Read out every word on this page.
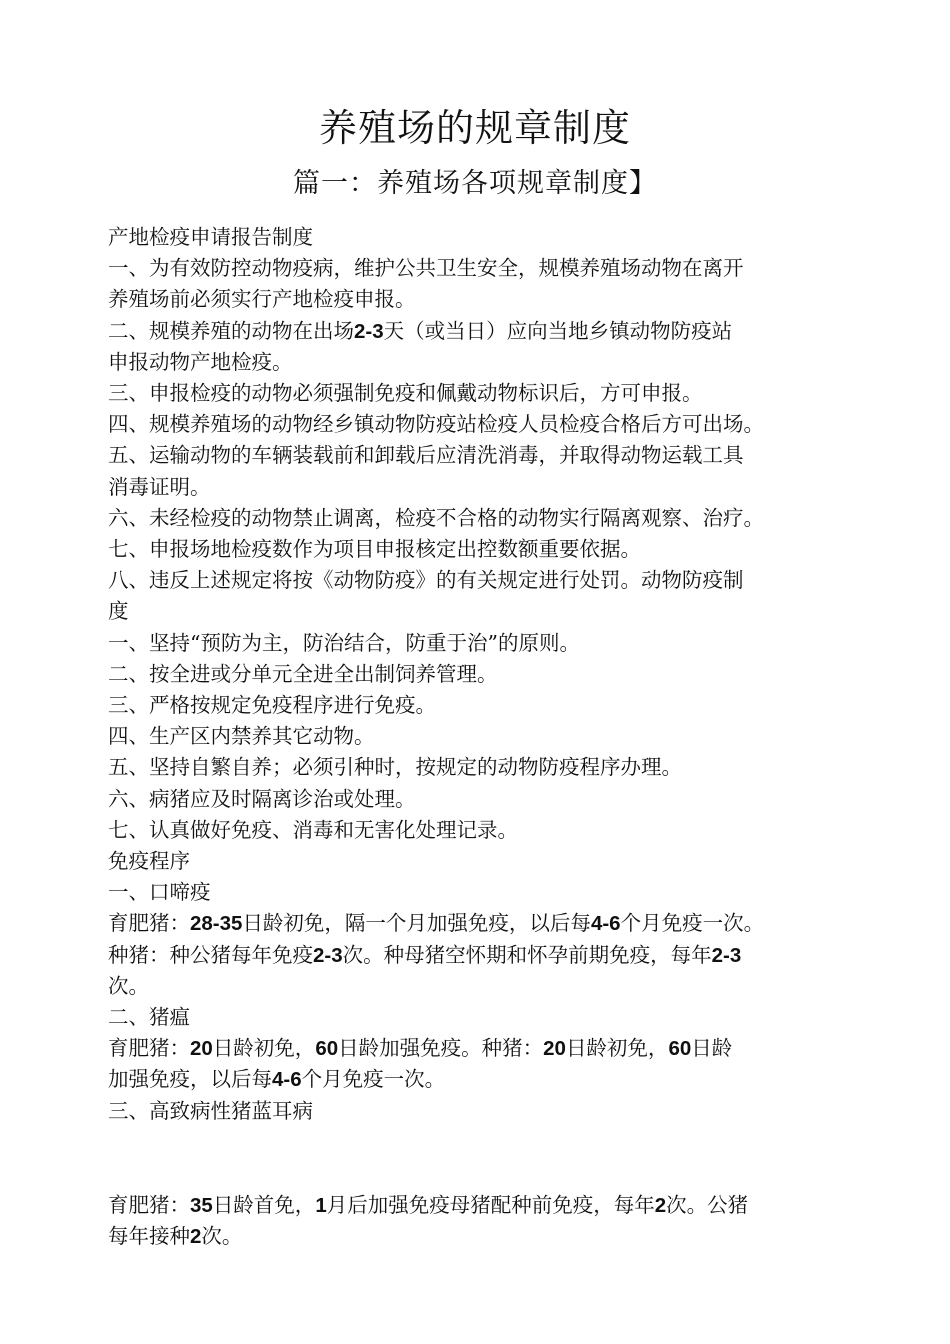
养殖场的规章制度
篇一：养殖场各项规章制度】

产地检疫申请报告制度

一、为有效防控动物疫病，维护公共卫生安全，规模养殖场动物在离开

养殖场前必须实行产地检疫申报。

二、规模养殖的动物在出场2-3天（或当日）应向当地乡镇动物防疫站

申报动物产地检疫。

三、申报检疫的动物必须强制免疫和佩戴动物标识后，方可申报。

四、规模养殖场的动物经乡镇动物防疫站检疫人员检疫合格后方可出场。

五、运输动物的车辆装载前和卸载后应清洗消毒，并取得动物运载工具

消毒证明。

六、未经检疫的动物禁止调离，检疫不合格的动物实行隔离观察、治疗。

七、申报场地检疫数作为项目申报核定出控数额重要依据。

八、违反上述规定将按《动物防疫》的有关规定进行处罚。动物防疫制

度

一、坚持“预防为主，防治结合，防重于治”的原则。

二、按全进或分单元全进全出制饲养管理。

三、严格按规定免疫程序进行免疫。

四、生产区内禁养其它动物。

五、坚持自繁自养；必须引种时，按规定的动物防疫程序办理。

六、病猪应及时隔离诊治或处理。

七、认真做好免疫、消毒和无害化处理记录。

免疫程序

一、口啼疫

育肥猪：28-35日龄初免，隔一个月加强免疫，以后每4-6个月免疫一次。

种猪：种公猪每年免疫2-3次。种母猪空怀期和怀孕前期免疫，每年2-3

次。

二、猪瘟

育肥猪：20日龄初免，60日龄加强免疫。种猪：20日龄初免，60日龄

加强免疫，以后每4-6个月免疫一次。

三、高致病性猪蓝耳病

育肥猪：35日龄首免，1月后加强免疫母猪配种前免疫，每年2次。公猪

每年接种2次。
